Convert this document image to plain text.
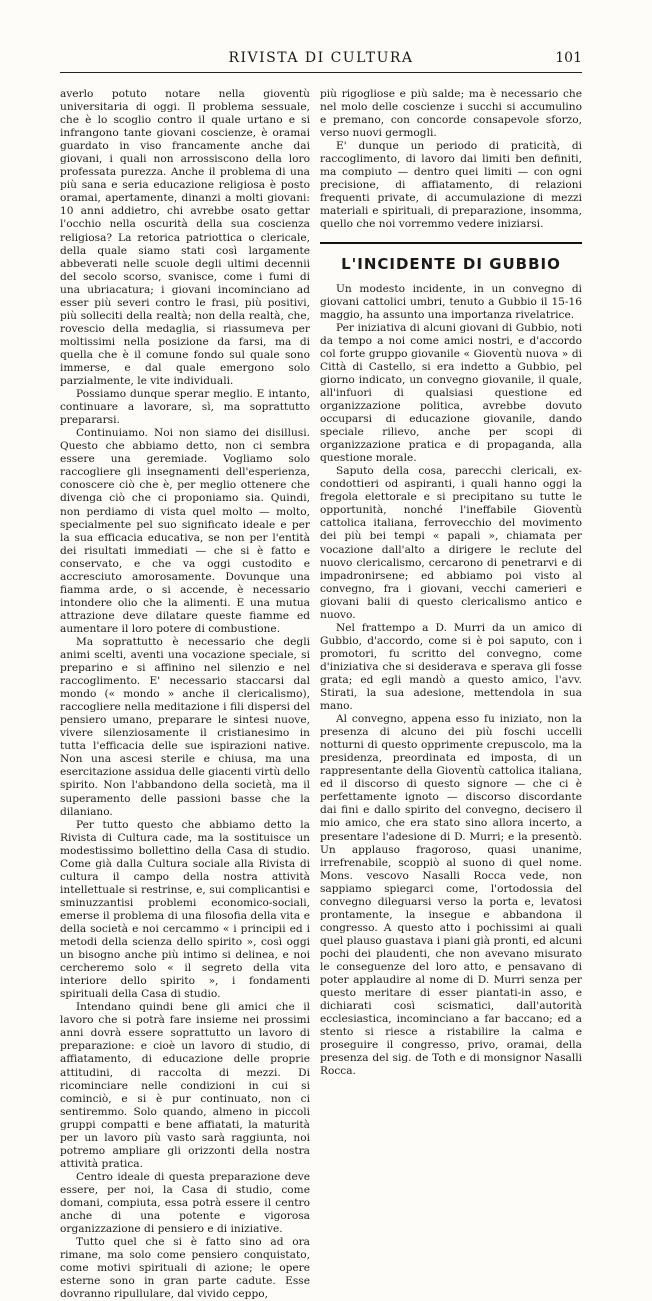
RIVISTA DI CULTURA	101

averlo potuto notare nella gioventù universitaria di oggi. Il problema sessuale, che è lo scoglio contro il quale urtano e si infrangono tante giovani coscienze, è oramai guardato in viso francamente anche dai giovani, i quali non arrossiscono della loro professata purezza. Anche il problema di una più sana e seria educazione religiosa è posto oramai, apertamente, dinanzi a molti giovani: 10 anni addietro, chi avrebbe osato gettar l'occhio nella oscurità della sua coscienza religiosa? La retorica patriottica o clericale, della quale siamo stati così largamente abbeverati nelle scuole degli ultimi decennii del secolo scorso, svanisce, come i fumi di una ubriacatura; i giovani incominciano ad esser più severi contro le frasi, più positivi, più solleciti della realtà; non della realtà, che, rovescio della medaglia, si riassumeva per moltissimi nella posizione da farsi, ma di quella che è il comune fondo sul quale sono immerse, e dal quale emergono solo parzialmente, le vite individuali.

Possiamo dunque sperar meglio. E intanto, continuare a lavorare, sì, ma soprattutto prepararsi.

Continuiamo. Noi non siamo dei disillusi. Questo che abbiamo detto, non ci sembra essere una geremiade. Vogliamo solo raccogliere gli insegnamenti dell'esperienza, conoscere ciò che è, per meglio ottenere che divenga ciò che ci proponiamo sia. Quindi, non perdiamo di vista quel molto — molto, specialmente pel suo significato ideale e per la sua efficacia educativa, se non per l'entità dei risultati immediati — che si è fatto e conservato, e che va oggi custodito e accresciuto amorosamente. Dovunque una fiamma arde, o si accende, è necessario intonderе olio che la alimenti. E una mutua attrazione deve dilatare queste fiamme ed aumentare il loro potere di combustione.

Ma soprattutto è necessario che degli animi scelti, aventi una vocazione speciale, si preparino e si affinino nel silenzio e nel raccoglimento. E' necessario staccarsi dal mondo (« mondo » anche il clericalismo), raccogliere nella meditazione i fili dispersi del pensiero umano, preparare le sintesi nuove, vivere silenziosamente il cristianesimo in tutta l'efficacia delle sue ispirazioni native. Non una ascesi sterile e chiusa, ma una esercitazione assidua delle giacenti virtù dello spirito. Non l'abbandono della società, ma il superamento delle passioni basse che la dilaniano.

Per tutto questo che abbiamo detto la Rivista di Cultura cade, ma la sostituisce un modestissimo bollettino della Casa di studio. Come già dalla Cultura sociale alla Rivista di cultura il campo della nostra attività intellettuale si restrinse, e, sui complicantisi e sminuzzantisi problemi economico-sociali, emerse il problema di una filosofia della vita e della società e noi cercammo « i principii ed i metodi della scienza dello spirito », così oggi un bisogno anche più intimo si delinea, e noi cercheremo solo « il segreto della vita interiore dello spirito », i fondamenti spirituali della Casa di studio.

Intendano quindi bene gli amici che il lavoro che si potrà fare insieme nei prossimi anni dovrà essere soprattutto un lavoro di preparazione: e cioè un lavoro di studio, di affiatamento, di educazione delle proprie attitudini, di raccolta di mezzi. Di ricominciare nelle condizioni in cui si cominciò, e si è pur continuato, non ci sentiremmo. Solo quando, almeno in piccoli gruppi compatti e bene affiatati, la maturità per un lavoro più vasto sarà raggiunta, noi potremo ampliare gli orizzonti della nostra attività pratica.

Centro ideale di questa preparazione deve essere, per noi, la Casa di studio, come domani, compiuta, essa potrà essere il centro anche di una potente e vigorosa organizzazione di pensiero e di iniziative.

Tutto quel che si è fatto sino ad ora rimane, ma solo come pensiero conquistato, come motivi spirituali di azione; le opere esterne sono in gran parte cadute. Esse dovranno ripullulare, dal vivido ceppo,

più rigogliose e più salde; ma è necessario che nel molo delle coscienze i succhi si accumulino e premano, con concorde consapevole sforzo, verso nuovi germogli.

E' dunque un periodo di praticità, di raccoglimento, di lavoro dai limiti ben definiti, ma compiuto — dentro quei limiti — con ogni precisione, di affiatamento, di relazioni frequenti private, di accumulazione di mezzi materiali e spirituali, di preparazione, insomma, quello che noi vorremmo vedere iniziarsi.

L'INCIDENTE DI GUBBIO

Un modesto incidente, in un convegno di giovani cattolici umbri, tenuto a Gubbio il 15-16 maggio, ha assunto una importanza rivelatrice.

Per iniziativa di alcuni giovani di Gubbio, noti da tempo a noi come amici nostri, e d'accordo col forte gruppo giovanile « Gioventù nuova » di Città di Castello, si era indetto a Gubbio, pel giorno indicato, un convegno giovanile, il quale, all'infuori di qualsiasi questione ed organizzazione politica, avrebbe dovuto occuparsi di educazione giovanile, dando speciale rilievo, anche per scopi di organizzazione pratica e di propaganda, alla questione morale.

Saputo della cosa, parecchi clericali, ex-condottieri od aspiranti, i quali hanno oggi la fregola elettorale e si precipitano su tutte le opportunità, nonché l'ineffabile Gioventù cattolica italiana, ferrovecchio del movimento dei più bei tempi « papali », chiamata per vocazione dall'alto a dirigere le reclute del nuovo clericalismo, cercarono di penetrarvi e di impadronirsene; ed abbiamo poi visto al convegno, fra i giovani, vecchi camerieri e giovani balii di questo clericalismo antico e nuovo.

Nel frattempo a D. Murri da un amico di Gubbio, d'accordo, come si è poi saputo, con i promotori, fu scritto del convegno, come d'iniziativa che si desiderava e sperava gli fosse grata; ed egli mandò a questo amico, l'avv. Stirati, la sua adesione, mettendola in sua mano.

Al convegno, appena esso fu iniziato, non la presenza di alcuno dei più foschi uccelli notturni di questo opprimente crepuscolo, ma la presidenza, preordinata ed imposta, di un rappresentante della Gioventù cattolica italiana, ed il discorso di questo signore — che ci è perfettamente ignoto — discorso discordante dai fini e dallo spirito del convegno, decisero il mio amico, che era stato sino allora incerto, a presentare l'adesione di D. Murri; e la presentò. Un applauso fragoroso, quasi unanime, irrefrenabile, scoppiò al suono di quel nome. Mons. vescovo Nasalli Rocca vede, non sappiamo spiegarci come, l'ortodossia del convegno dileguarsi verso la porta e, levatosi prontamente, la insegue e abbandona il congresso. A questo atto i pochissimi ai quali quel plauso guastava i piani già pronti, ed alcuni pochi dei plaudenti, che non avevano misurato le conseguenze del loro atto, e pensavano di poter applaudire al nome di D. Murri senza per questo meritare di esser piantati-in asso, e dichiarati così scismatici, dall'autorità ecclesiastica, incominciano a far baccano; ed a stento si riesce a ristabilire la calma e proseguire il congresso, privo, oramai, della presenza del sig. de Toth e di monsignor Nasalli Rocca.
